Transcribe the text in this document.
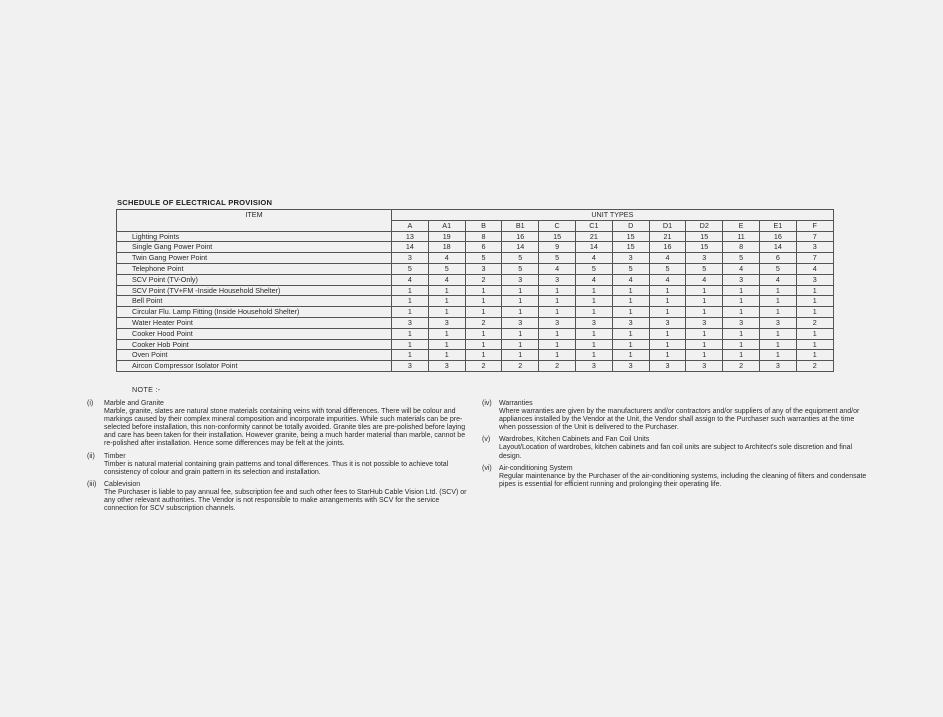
SCHEDULE OF ELECTRICAL PROVISION
ITEM	UNIT TYPES											
	A	A1	B	B1	C	C1	D	D1	D2	E	E1	F
Lighting Points	13	19	8	16	15	21	15	21	15	11	16	7
Single Gang Power Point	14	18	6	14	9	14	15	16	15	8	14	3
Twin Gang Power Point	3	4	5	5	5	4	3	4	3	5	6	7
Telephone Point	5	5	3	5	4	5	5	5	5	4	5	4
SCV Point (TV-Only)	4	4	2	3	3	4	4	4	4	3	4	3
SCV Point (TV+FM -Inside Household Shelter)	1	1	1	1	1	1	1	1	1	1	1	1
Bell Point	1	1	1	1	1	1	1	1	1	1	1	1
Circular Flu. Lamp Fitting (Inside Household Shelter)	1	1	1	1	1	1	1	1	1	1	1	1
Water Heater Point	3	3	2	3	3	3	3	3	3	3	3	2
Cooker Hood Point	1	1	1	1	1	1	1	1	1	1	1	1
Cooker Hob Point	1	1	1	1	1	1	1	1	1	1	1	1
Oven Point	1	1	1	1	1	1	1	1	1	1	1	1
Aircon Compressor Isolator Point	3	3	2	2	2	3	3	3	3	2	3	2
NOTE :-
(i) Marble and Granite
Marble, granite, slates are natural stone materials containing veins with tonal differences. There will be colour and markings caused by their complex mineral composition and incorporate impurities. While such materials can be pre-selected before installation, this non-conformity cannot be totally avoided. Granite tiles are pre-polished before laying and care has been taken for their installation. However granite, being a much harder material than marble, cannot be re-polished after installation. Hence some differences may be felt at the joints.
(ii) Timber
Timber is natural material containing grain patterns and tonal differences. Thus it is not possible to achieve total consistency of colour and grain pattern in its selection and installation.
(iii) Cablevision
The Purchaser is liable to pay annual fee, subscription fee and such other fees to StarHub Cable Vision Ltd. (SCV) or any other relevant authorities. The Vendor is not responsible to make arrangements with SCV for the service connection for SCV subscription channels.
(iv) Warranties
Where warranties are given by the manufacturers and/or contractors and/or suppliers of any of the equipment and/or appliances installed by the Vendor at the Unit, the Vendor shall assign to the Purchaser such warranties at the time when possession of the Unit is delivered to the Purchaser.
(v) Wardrobes, Kitchen Cabinets and Fan Coil Units
Layout/Location of wardrobes, kitchen cabinets and fan coil units are subject to Architect's sole discretion and final design.
(vi) Air-conditioning System
Regular maintenance by the Purchaser of the air-conditioning systems, including the cleaning of filters and condensate pipes is essential for efficient running and prolonging their operating life.
